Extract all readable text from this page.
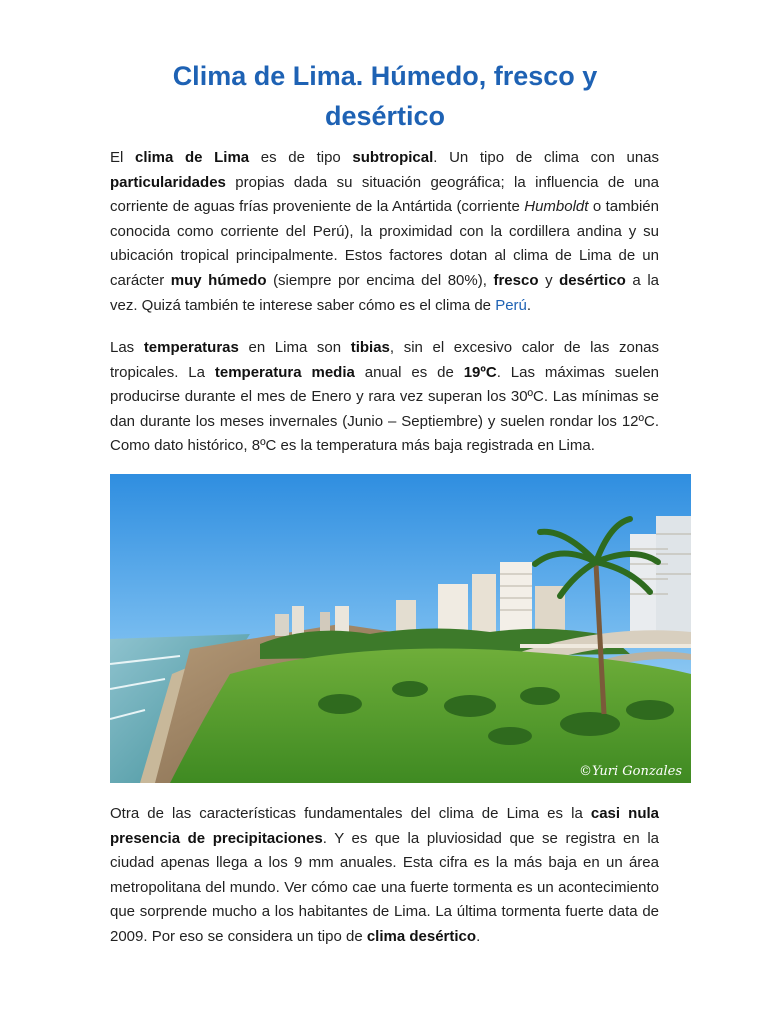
Clima de Lima. Húmedo, fresco y desértico

El clima de Lima es de tipo subtropical. Un tipo de clima con unas particularidades propias dada su situación geográfica; la influencia de una corriente de aguas frías proveniente de la Antártida (corriente Humboldt o también conocida como corriente del Perú), la proximidad con la cordillera andina y su ubicación tropical principalmente. Estos factores dotan al clima de Lima de un carácter muy húmedo (siempre por encima del 80%), fresco y desértico a la vez. Quizá también te interese saber cómo es el clima de Perú.

Las temperaturas en Lima son tibias, sin el excesivo calor de las zonas tropicales. La temperatura media anual es de 19ºC. Las máximas suelen producirse durante el mes de Enero y rara vez superan los 30ºC. Las mínimas se dan durante los meses invernales (Junio – Septiembre) y suelen rondar los 12ºC. Como dato histórico, 8ºC es la temperatura más baja registrada en Lima.

©Yuri Gonzales

Otra de las características fundamentales del clima de Lima es la casi nula presencia de precipitaciones. Y es que la pluviosidad que se registra en la ciudad apenas llega a los 9 mm anuales. Esta cifra es la más baja en un área metropolitana del mundo. Ver cómo cae una fuerte tormenta es un acontecimiento que sorprende mucho a los habitantes de Lima. La última tormenta fuerte data de 2009. Por eso se considera un tipo de clima desértico.
